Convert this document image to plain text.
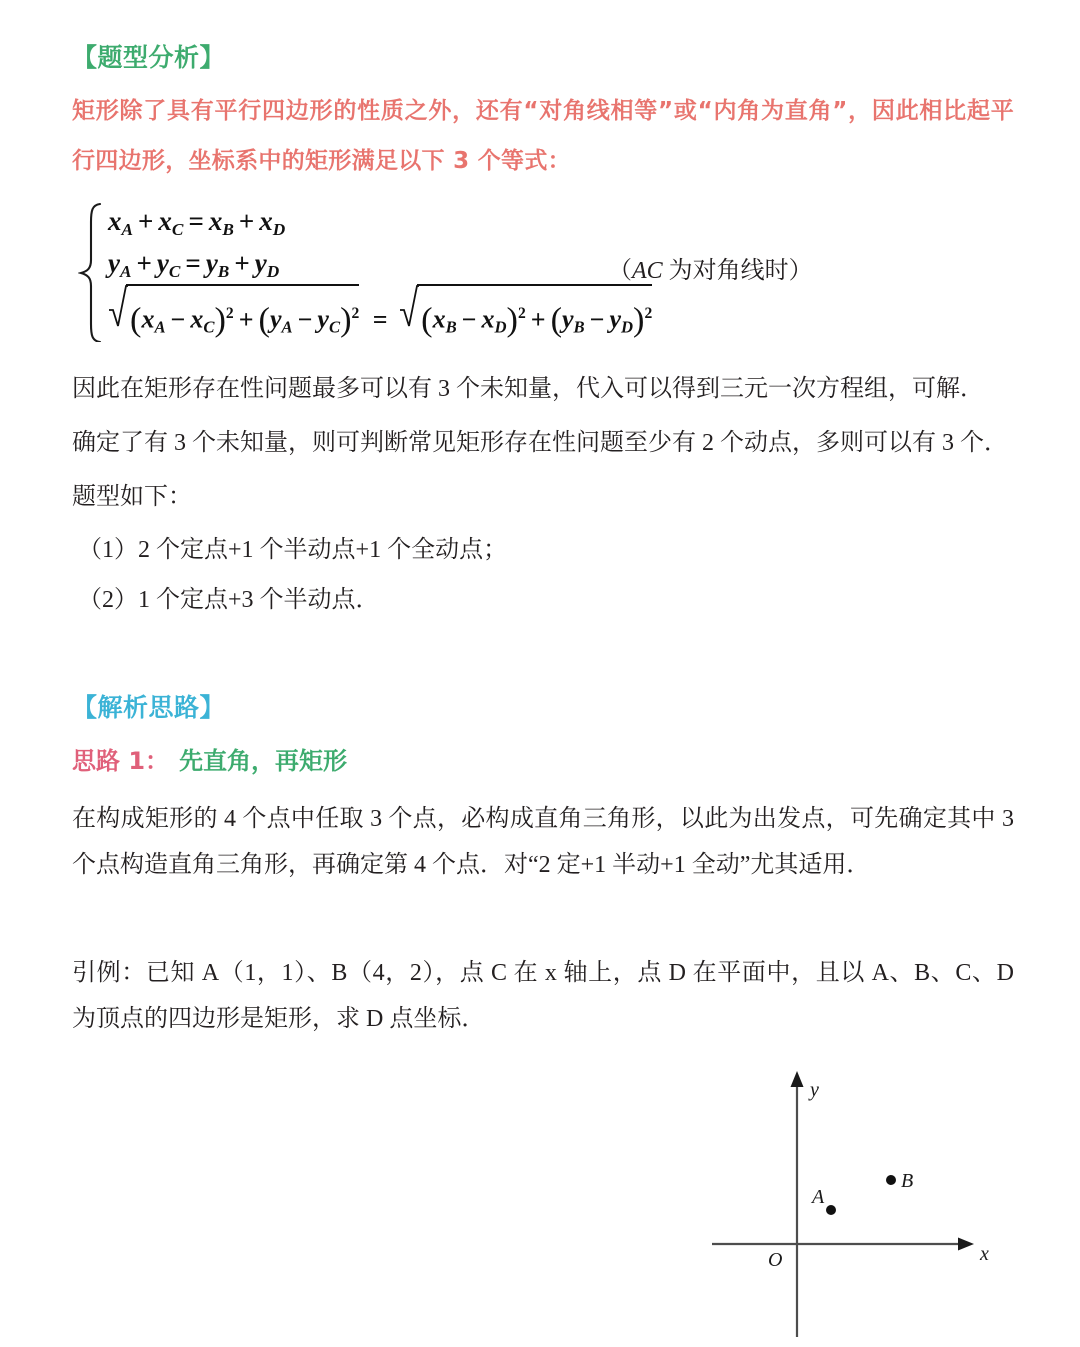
【题型分析】
矩形除了具有平行四边形的性质之外，还有“对角线相等”或“内角为直角”，因此相比起平行四边形，坐标系中的矩形满足以下 3 个等式：
$x_A + x_C = x_B + x_D$
$y_A + y_C = y_B + y_D$
$(x_A - x_C)^2 + (y_A - y_C)^2 = (x_B - x_D)^2 + (y_B - y_D)^2$
（AC 为对角线时）
因此在矩形存在性问题最多可以有 3 个未知量，代入可以得到三元一次方程组，可解．
确定了有 3 个未知量，则可判断常见矩形存在性问题至少有 2 个动点，多则可以有 3 个．
题型如下：
（1）2 个定点+1 个半动点+1 个全动点；
（2）1 个定点+3 个半动点．
【解析思路】
思路 1： 先直角，再矩形
在构成矩形的 4 个点中任取 3 个点，必构成直角三角形，以此为出发点，可先确定其中 3 个点构造直角三角形，再确定第 4 个点．对“2 定+1 半动+1 全动”尤其适用．
引例：已知 A（1，1）、B（4，2），点 C 在 x 轴上，点 D 在平面中，且以 A、B、C、D 为顶点的四边形是矩形，求 D 点坐标．
x
y
O
A
B
